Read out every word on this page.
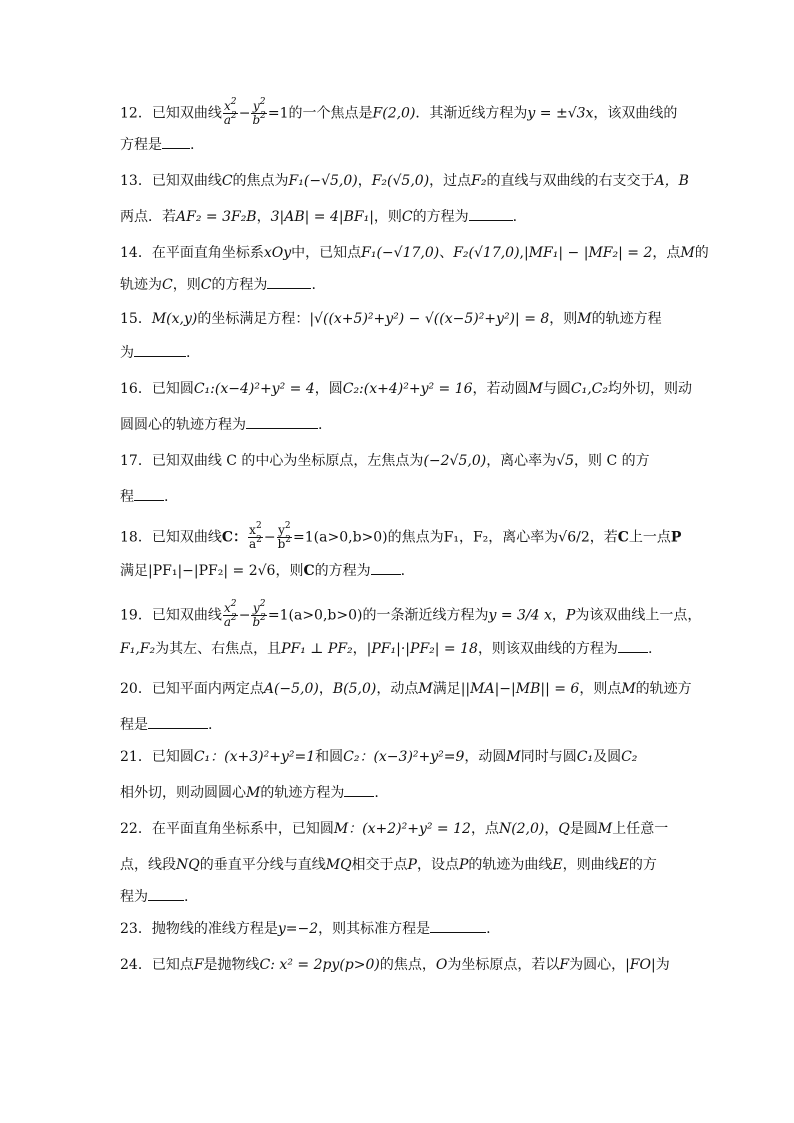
12．已知双曲线 $\frac{x^2}{a^2} - \frac{y^2}{b^2} =1$的一个焦点是F(2,0)．其渐近线方程为y = ±√3x，该双曲线的
方程是 .
13．已知双曲线C的焦点为F₁(−√5,0)，F₂(√5,0)，过点F₂的直线与双曲线的右支交于A，B
两点．若AF₂ = 3F₂B，3|AB| = 4|BF₁|，则C的方程为	.
14．在平面直角坐标系xOy中，已知点F₁(−√17,0)、F₂(√17,0),|MF₁| − |MF₂| = 2，点M的
轨迹为C，则C的方程为	.
15．M(x,y)的坐标满足方程：|√((x+5)²+y²) − √((x−5)²+y²)| = 8，则M的轨迹方程
为	.
16．已知圆C₁:(x−4)²+y² = 4，圆C₂:(x+4)²+y² = 16，若动圆M与圆C₁,C₂均外切，则动
圆圆心的轨迹方程为	.
17．已知双曲线 C 的中心为坐标原点，左焦点为(−2√5,0)，离心率为√5，则 C 的方
程 .
18．已知双曲线C： $\frac{x^2}{a^2} - \frac{y^2}{b^2} =1(a>0,b>0)$的焦点为F₁，F₂，离心率为√6/2，若C上一点P
满足|PF₁|−|PF₂| = 2√6，则C的方程为 .
19．已知双曲线 $\frac{x^2}{a^2} - \frac{y^2}{b^2} =1(a>0,b>0)$的一条渐近线方程为y = 3/4 x，P为该双曲线上一点，
F₁,F₂为其左、右焦点，且PF₁ ⊥ PF₂，|PF₁|·|PF₂| = 18，则该双曲线的方程为 .
20．已知平面内两定点A(−5,0)，B(5,0)，动点M满足||MA|−|MB|| = 6，则点M的轨迹方
程是	.
21．已知圆C₁：(x+3)²+y²=1和圆C₂：(x−3)²+y²=9，动圆M同时与圆C₁及圆C₂
相外切，则动圆圆心M的轨迹方程为 .
22．在平面直角坐标系中，已知圆M：(x+2)²+y² = 12，点N(2,0)，Q是圆M上任意一
点，线段NQ的垂直平分线与直线MQ相交于点P，设点P的轨迹为曲线E，则曲线E的方
程为	.
23．抛物线的准线方程是y=−2，则其标准方程是	.
24．已知点F是抛物线C: x² = 2py(p>0)的焦点，O为坐标原点，若以F为圆心，|FO|为
